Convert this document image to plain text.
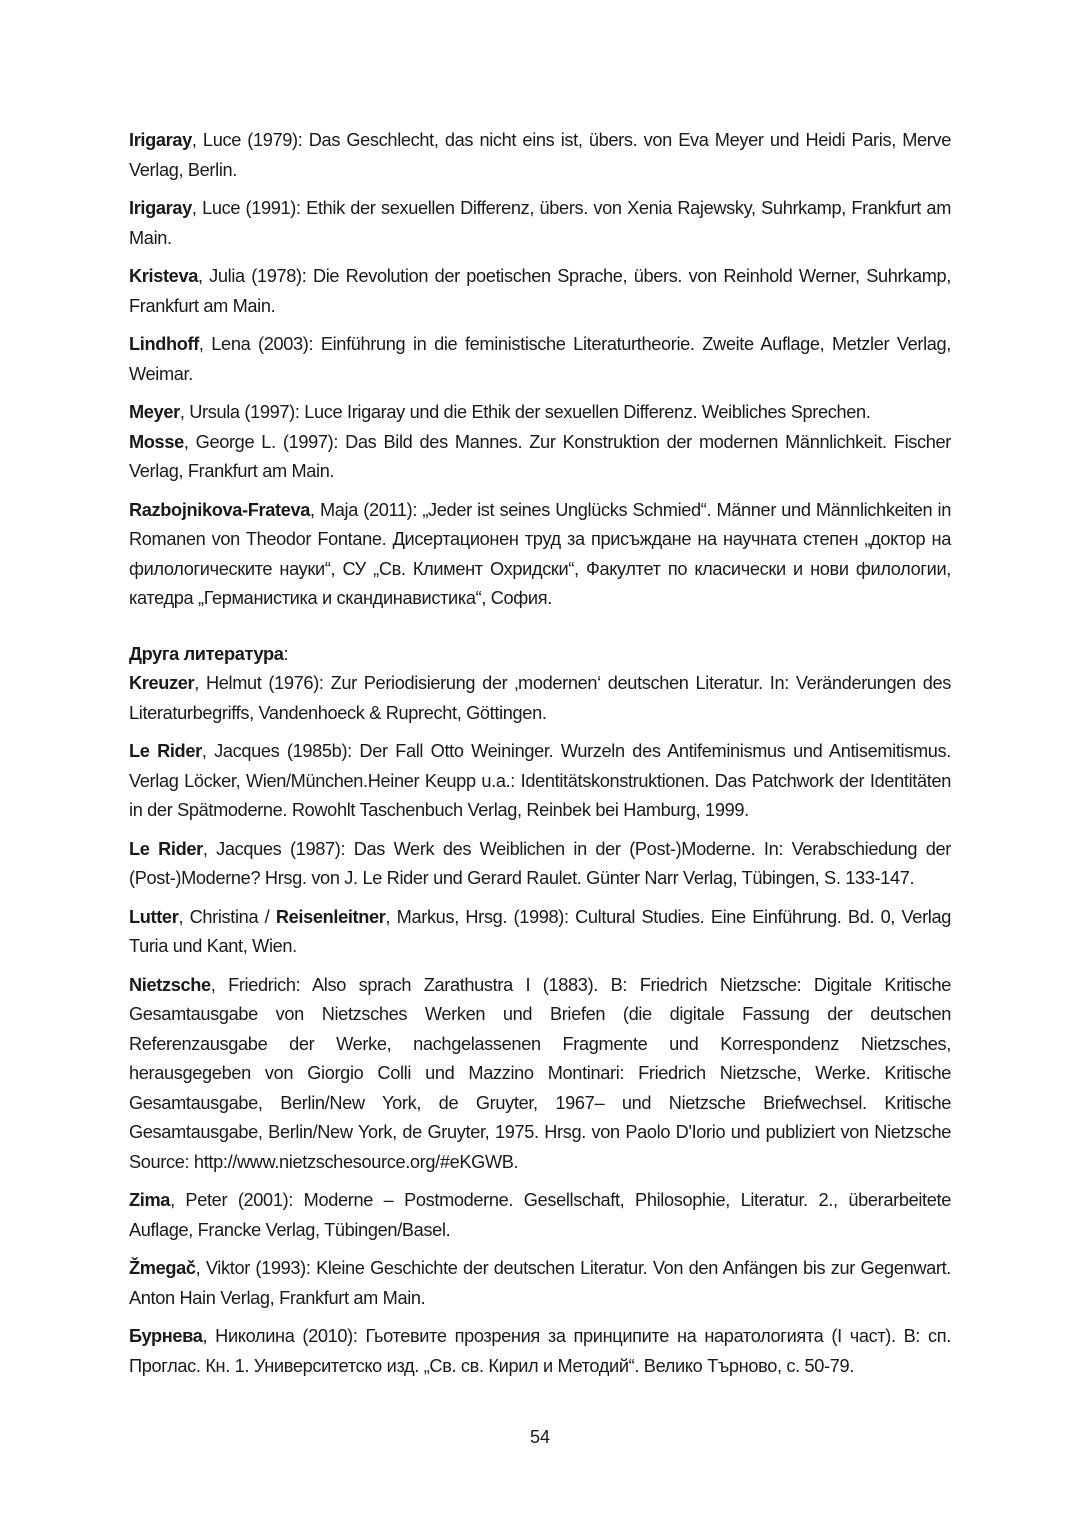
Irigaray, Luce (1979): Das Geschlecht, das nicht eins ist, übers. von Eva Meyer und Heidi Paris, Merve Verlag, Berlin.

Irigaray, Luce (1991): Ethik der sexuellen Differenz, übers. von Xenia Rajewsky, Suhrkamp, Frankfurt am Main.

Kristeva, Julia (1978): Die Revolution der poetischen Sprache, übers. von Reinhold Werner, Suhrkamp, Frankfurt am Main.

Lindhoff, Lena (2003): Einführung in die feministische Literaturtheorie. Zweite Auflage, Metzler Verlag, Weimar.

Meyer, Ursula (1997): Luce Irigaray und die Ethik der sexuellen Differenz. Weibliches Sprechen.

Mosse, George L. (1997): Das Bild des Mannes. Zur Konstruktion der modernen Männlichkeit. Fischer Verlag, Frankfurt am Main.

Razbojnikova-Frateva, Maja (2011): „Jeder ist seines Unglücks Schmied“. Männer und Männlichkeiten in Romanen von Theodor Fontane. Дисертационен труд за присъждане на научната степен „доктор на филологическите науки“, СУ „Св. Климент Охридски“, Факултет по класически и нови филологии, катедра „Германистика и скандинавистика“, София.

Друга литература:

Kreuzer, Helmut (1976): Zur Periodisierung der ‚modernen‘ deutschen Literatur. In: Veränderungen des Literaturbegriffs, Vandenhoeck & Ruprecht, Göttingen.

Le Rider, Jacques (1985b): Der Fall Otto Weininger. Wurzeln des Antifeminismus und Antisemitismus. Verlag Löcker, Wien/München.Heiner Keupp u.a.: Identitätskonstruktionen. Das Patchwork der Identitäten in der Spätmoderne. Rowohlt Taschenbuch Verlag, Reinbek bei Hamburg, 1999.

Le Rider, Jacques (1987): Das Werk des Weiblichen in der (Post-)Moderne. In: Verabschiedung der (Post-)Moderne? Hrsg. von J. Le Rider und Gerard Raulet. Günter Narr Verlag, Tübingen, S. 133-147.

Lutter, Christina / Reisenleitner, Markus, Hrsg. (1998): Cultural Studies. Eine Einführung. Bd. 0, Verlag Turia und Kant, Wien.

Nietzsche, Friedrich: Also sprach Zarathustra I (1883). B: Friedrich Nietzsche: Digitale Kritische Gesamtausgabe von Nietzsches Werken und Briefen (die digitale Fassung der deutschen Referenzausgabe der Werke, nachgelassenen Fragmente und Korrespondenz Nietzsches, herausgegeben von Giorgio Colli und Mazzino Montinari: Friedrich Nietzsche, Werke. Kritische Gesamtausgabe, Berlin/New York, de Gruyter, 1967– und Nietzsche Briefwechsel. Kritische Gesamtausgabe, Berlin/New York, de Gruyter, 1975. Hrsg. von Paolo D'Iorio und publiziert von Nietzsche Source: http://www.nietzschesource.org/#eKGWB.

Zima, Peter (2001): Moderne – Postmoderne. Gesellschaft, Philosophie, Literatur. 2., überarbeitete Auflage, Francke Verlag, Tübingen/Basel.

Žmegač, Viktor (1993): Kleine Geschichte der deutschen Literatur. Von den Anfängen bis zur Gegenwart. Anton Hain Verlag, Frankfurt am Main.

Бурнева, Николина (2010): Гьотевите прозрения за принципите на наратологията (I част). В: сп. Проглас. Кн. 1. Университетско изд. „Св. св. Кирил и Методий“. Велико Търново, с. 50-79.

54
